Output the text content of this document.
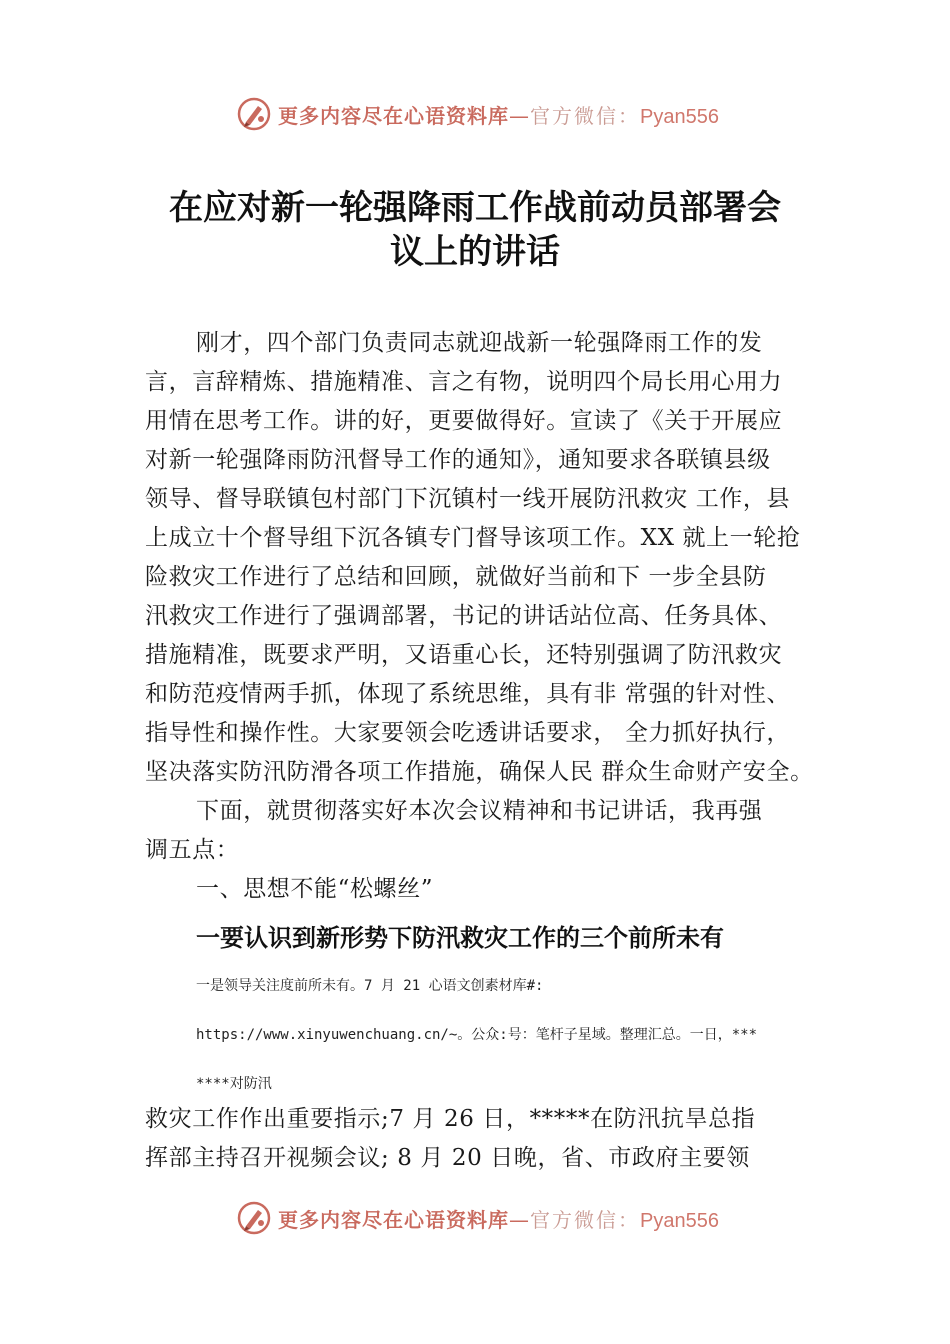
更多内容尽在心语资料库—官方微信：Pyan556
在应对新一轮强降雨工作战前动员部署会
议上的讲话
刚才，四个部门负责同志就迎战新一轮强降雨工作的发
言，言辞精炼、措施精准、言之有物，说明四个局长用心用力
用情在思考工作。讲的好，更要做得好。宣读了《关于开展应
对新一轮强降雨防汛督导工作的通知》，通知要求各联镇县级
领导、督导联镇包村部门下沉镇村一线开展防汛救灾 工作，县
上成立十个督导组下沉各镇专门督导该项工作。XX 就上一轮抢
险救灾工作进行了总结和回顾，就做好当前和下 一步全县防
汛救灾工作进行了强调部署，书记的讲话站位高、任务具体、
措施精准，既要求严明，又语重心长，还特别强调了防汛救灾
和防范疫情两手抓，体现了系统思维，具有非 常强的针对性、
指导性和操作性。大家要领会吃透讲话要求， 全力抓好执行，
坚决落实防汛防滑各项工作措施，确保人民 群众生命财产安全。
下面，就贯彻落实好本次会议精神和书记讲话，我再强
调五点：
一、思想不能“松螺丝”
一要认识到新形势下防汛救灾工作的三个前所未有
一是领导关注度前所未有。7 月 21 心语文创素材库#:
https://www.xinyuwenchuang.cn/~。公众:号：笔杆子星域。整理汇总。一日，***
****对防汛
救灾工作作出重要指示;7 月 26 日，*****在防汛抗旱总指
挥部主持召开视频会议; 8 月 20 日晚，省、市政府主要领
更多内容尽在心语资料库—官方微信：Pyan556
